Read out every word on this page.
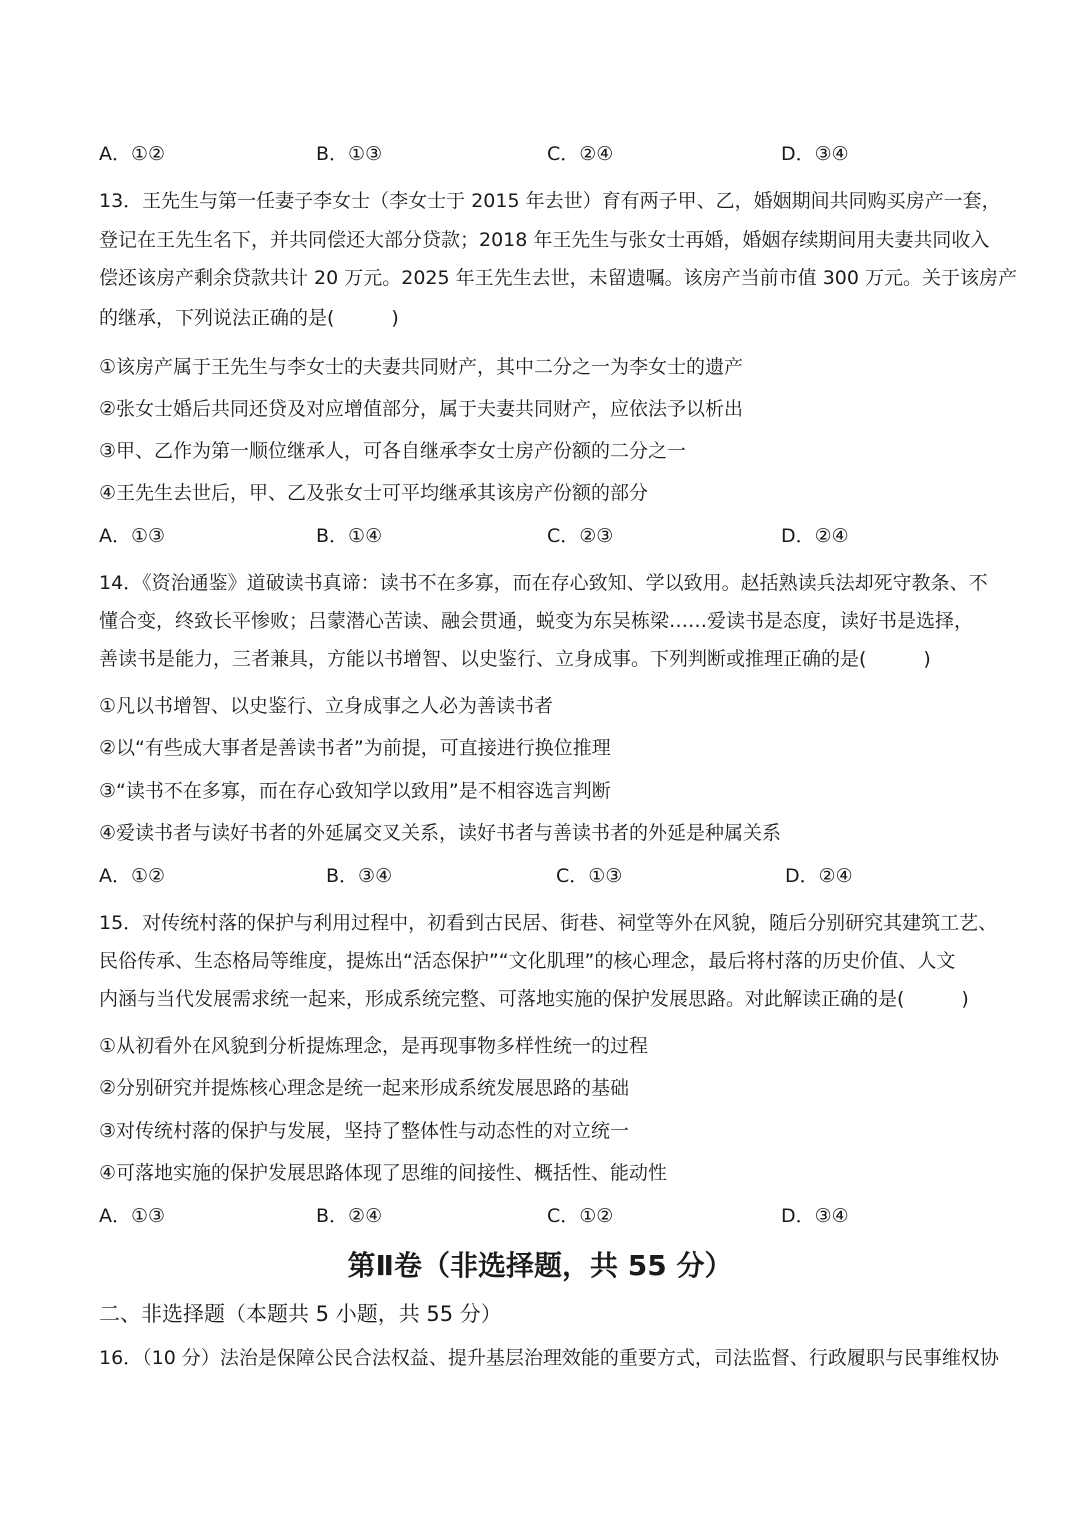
A．①②	B．①③	C．②④	D．③④
13．王先生与第一任妻子李女士（李女士于 2015 年去世）育有两子甲、乙，婚姻期间共同购买房产一套，
登记在王先生名下，并共同偿还大部分贷款；2018 年王先生与张女士再婚，婚姻存续期间用夫妻共同收入
偿还该房产剩余贷款共计 20 万元。2025 年王先生去世，未留遗嘱。该房产当前市值 300 万元。关于该房产
的继承，下列说法正确的是(　　　)
①该房产属于王先生与李女士的夫妻共同财产，其中二分之一为李女士的遗产
②张女士婚后共同还贷及对应增值部分，属于夫妻共同财产，应依法予以析出
③甲、乙作为第一顺位继承人，可各自继承李女士房产份额的二分之一
④王先生去世后，甲、乙及张女士可平均继承其该房产份额的部分
A．①③	B．①④	C．②③	D．②④
14．《资治通鉴》道破读书真谛：读书不在多寡，而在存心致知、学以致用。赵括熟读兵法却死守教条、不
懂合变，终致长平惨败；吕蒙潜心苦读、融会贯通，蜕变为东吴栋梁……爱读书是态度，读好书是选择，
善读书是能力，三者兼具，方能以书增智、以史鉴行、立身成事。下列判断或推理正确的是(　　　)
①凡以书增智、以史鉴行、立身成事之人必为善读书者
②以“有些成大事者是善读书者”为前提，可直接进行换位推理
③“读书不在多寡，而在存心致知学以致用”是不相容选言判断
④爱读书者与读好书者的外延属交叉关系，读好书者与善读书者的外延是种属关系
A．①②	B．③④	C．①③	D．②④
15．对传统村落的保护与利用过程中，初看到古民居、街巷、祠堂等外在风貌，随后分别研究其建筑工艺、
民俗传承、生态格局等维度，提炼出“活态保护”“文化肌理”的核心理念，最后将村落的历史价值、人文
内涵与当代发展需求统一起来，形成系统完整、可落地实施的保护发展思路。对此解读正确的是(　　　)
①从初看外在风貌到分析提炼理念，是再现事物多样性统一的过程
②分别研究并提炼核心理念是统一起来形成系统发展思路的基础
③对传统村落的保护与发展，坚持了整体性与动态性的对立统一
④可落地实施的保护发展思路体现了思维的间接性、概括性、能动性
A．①③	B．②④	C．①②	D．③④
第Ⅱ卷（非选择题，共 55 分）
二、非选择题（本题共 5 小题，共 55 分）
16．（10 分）法治是保障公民合法权益、提升基层治理效能的重要方式，司法监督、行政履职与民事维权协
